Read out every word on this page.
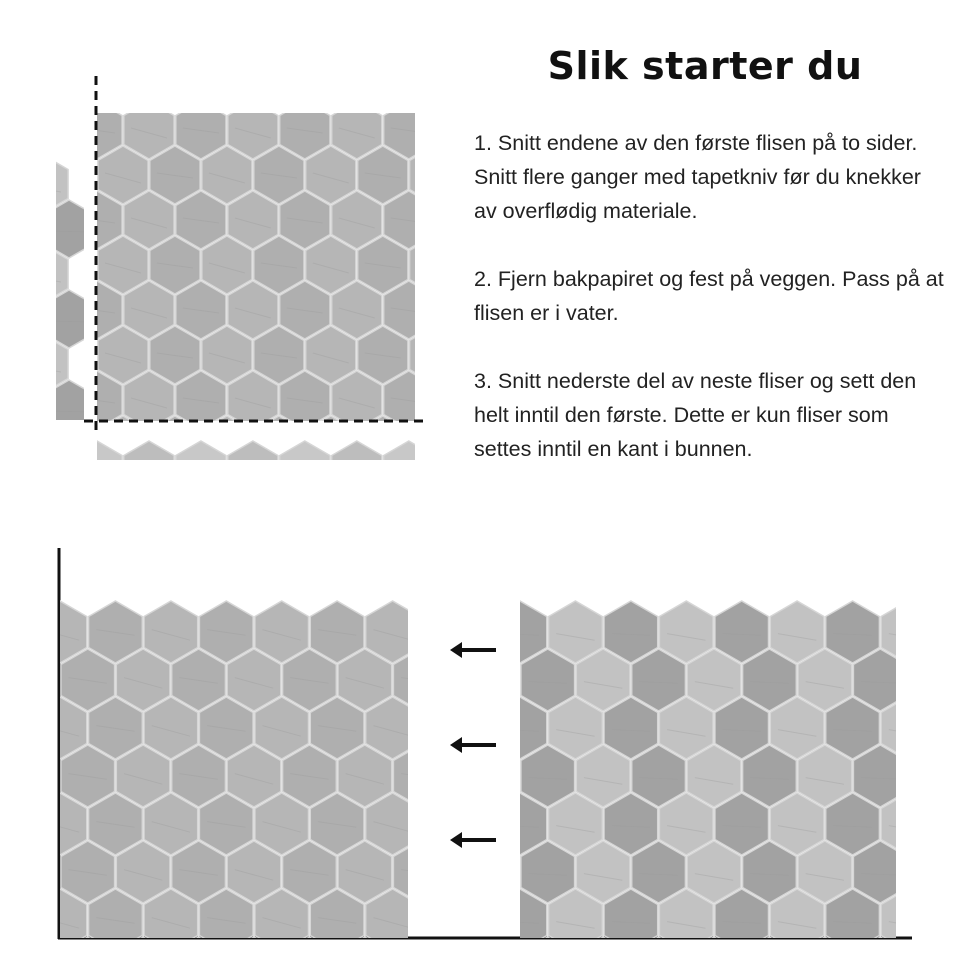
Slik starter du

1. Snitt endene av den første flisen på to sider. Snitt flere ganger med tapetkniv før du knekker av overflødig materiale.

2. Fjern bakpapiret og fest på veggen. Pass på at flisen er i vater.

3. Snitt nederste del av neste fliser og sett den helt inntil den første. Dette er kun fliser som settes inntil en kant i bunnen.
